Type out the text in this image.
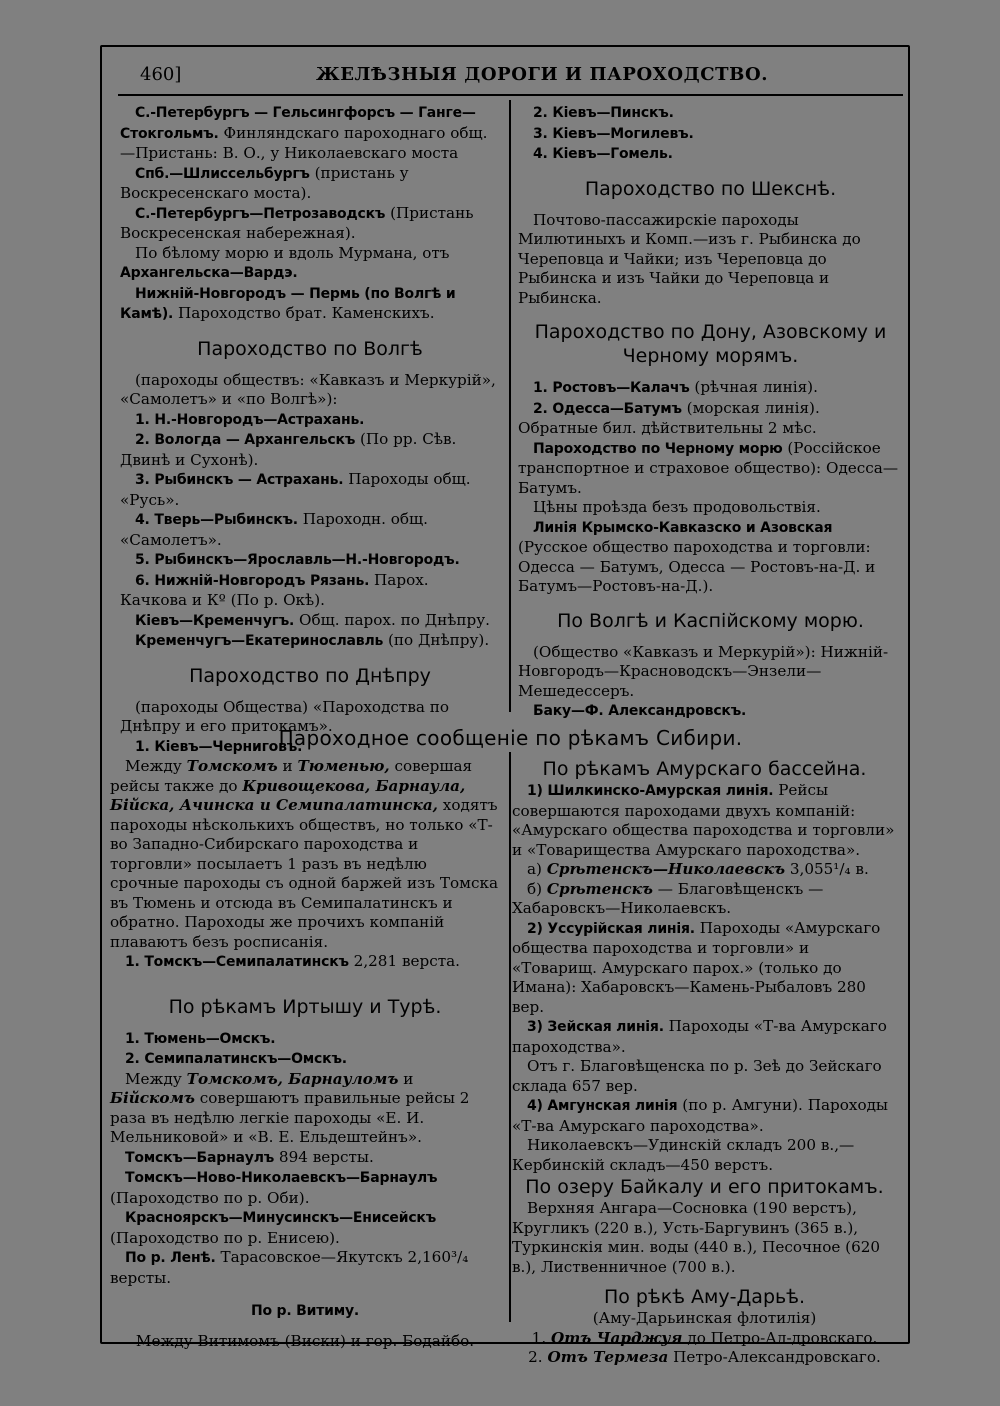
460]	ЖЕЛѢЗНЫЯ ДОРОГИ И ПАРОХОДСТВО.

С.-Петербургъ — Гельсингфорсъ — Ганге—Стокгольмъ. Финляндскаго пароходнаго общ.—Пристань: В. О., у Николаевскаго моста

Спб.—Шлиссельбургъ (пристань у Воскресенскаго моста).

С.-Петербургъ—Петрозаводскъ (Пристань Воскресенская набережная).

По бѣлому морю и вдоль Мурмана, отъ Архангельска—Вардэ.

Нижній-Новгородъ — Пермь (по Волгѣ и Камѣ). Пароходство брат. Каменскихъ.

Пароходство по Волгѣ

(пароходы обществъ: «Кавказъ и Меркурій», «Самолетъ» и «по Волгѣ»):

1. Н.-Новгородъ—Астрахань.

2. Вологда — Архангельскъ (По рр. Сѣв. Двинѣ и Сухонѣ).

3. Рыбинскъ — Астрахань. Пароходы общ. «Русь».

4. Тверь—Рыбинскъ. Пароходн. общ. «Самолетъ».

5. Рыбинскъ—Ярославль—Н.-Новгородъ.

6. Нижній-Новгородъ Рязань. Парох. Качкова и Кº (По р. Окѣ).

Кіевъ—Кременчугъ. Общ. парох. по Днѣпру.

Кременчугъ—Екатеринославль (по Днѣпру).

Пароходство по Днѣпру

(пароходы Общества) «Пароходства по Днѣпру и его притокамъ».

1. Кіевъ—Черниговъ.

2. Кіевъ—Пинскъ.

3. Кіевъ—Могилевъ.

4. Кіевъ—Гомель.

Пароходство по Шекснѣ.

Почтово-пассажирскіе пароходы Милютиныхъ и Комп.—изъ г. Рыбинска до Череповца и Чайки; изъ Череповца до Рыбинска и изъ Чайки до Череповца и Рыбинска.

Пароходство по Дону, Азовскому и Черному морямъ.

1. Ростовъ—Калачъ (рѣчная линія).

2. Одесса—Батумъ (морская линія). Обратные бил. дѣйствительны 2 мѣс.

Пароходство по Черному морю (Россійское транспортное и страховое общество): Одесса—Батумъ.

Цѣны проѣзда безъ продовольствія.

Линія Крымско-Кавказско и Азовская (Русское общество пароходства и торговли: Одесса — Батумъ, Одесса — Ростовъ-на-Д. и Батумъ—Ростовъ-на-Д.).

По Волгѣ и Каспійскому морю.

(Общество «Кавказъ и Меркурій»): Нижній-Новгородъ—Красноводскъ—Энзели—Мешедессеръ.

Баку—Ф. Александровскъ.

Пароходное сообщеніе по рѣкамъ Сибири.

Между Томскомъ и Тюменью, совершая рейсы также до Кривощекова, Барнаула, Бійска, Ачинска и Семипалатинска, ходятъ пароходы нѣсколькихъ обществъ, но только «Т-во Западно-Сибирскаго пароходства и торговли» посылаетъ 1 разъ въ недѣлю срочные пароходы съ одной баржей изъ Томска въ Тюмень и отсюда въ Семипалатинскъ и обратно. Пароходы же прочихъ компаній плаваютъ безъ росписанія.

1. Томскъ—Семипалатинскъ 2,281 верста.

По рѣкамъ Иртышу и Турѣ.

1. Тюмень—Омскъ.

2. Семипалатинскъ—Омскъ.

Между Томскомъ, Барнауломъ и Бійскомъ совершаютъ правильные рейсы 2 раза въ недѣлю легкіе пароходы «Е. И. Мельниковой» и «В. Е. Ельдештейнъ».

Томскъ—Барнаулъ 894 версты.

Томскъ—Ново-Николаевскъ—Барнаулъ (Пароходство по р. Оби).

Красноярскъ—Минусинскъ—Енисейскъ (Пароходство по р. Енисею).

По р. Ленѣ. Тарасовское—Якутскъ 2,160³/₄ версты.

По р. Витиму.

Между Витимомъ (Виски) и гор. Бодайбо.

По рѣкамъ Амурскаго бассейна.

1) Шилкинско-Амурская линія. Рейсы совершаются пароходами двухъ компаній: «Амурскаго общества пароходства и торговли» и «Товарищества Амурскаго пароходства».

а) Срѣтенскъ—Николаевскъ 3,055¹/₄ в.

б) Срѣтенскъ — Благовѣщенскъ — Хабаровскъ—Николаевскъ.

2) Уссурійская линія. Пароходы «Амурскаго общества пароходства и торговли» и «Товарищ. Амурскаго парох.» (только до Имана): Хабаровскъ—Камень-Рыбаловъ 280 вер.

3) Зейская линія. Пароходы «Т-ва Амурскаго пароходства».

Отъ г. Благовѣщенска по р. Зеѣ до Зейскаго склада 657 вер.

4) Амгунская линія (по р. Амгуни). Пароходы «Т-ва Амурскаго пароходства».

Николаевскъ—Удинскій складъ 200 в.,—Кербинскій складъ—450 верстъ.

По озеру Байкалу и его притокамъ.

Верхняя Ангара—Сосновка (190 верстъ), Кругликъ (220 в.), Усть-Баргувинъ (365 в.), Туркинскія мин. воды (440 в.), Песочное (620 в.), Лиственничное (700 в.).

По рѣкѣ Аму-Дарьѣ.

(Аму-Дарьинская флотилія)

1. Отъ Чарджуя до Петро-Ал-дровскаго.

2. Отъ Термеза Петро-Александровскаго.
